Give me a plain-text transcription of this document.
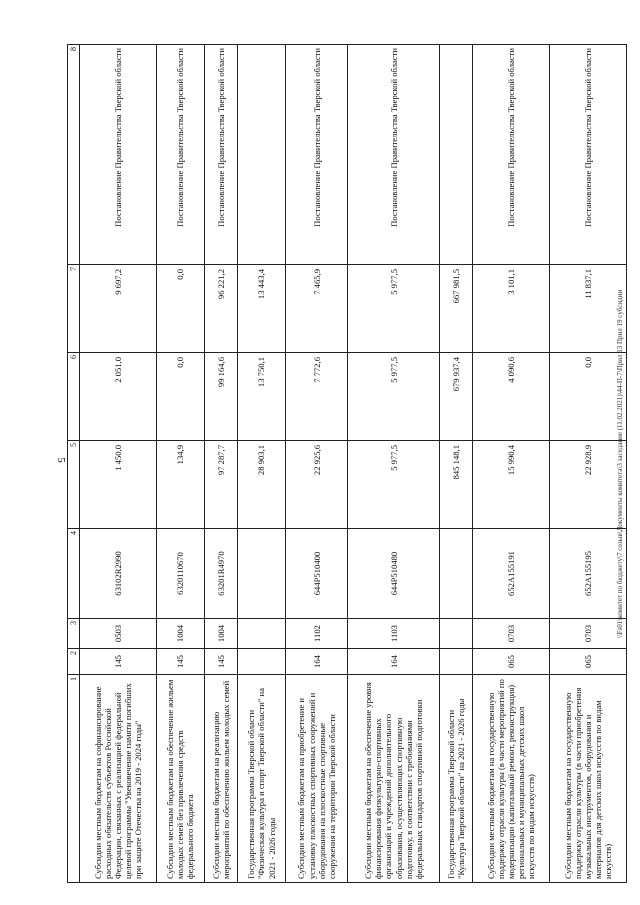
5
1	2	3	4	5	6	7	8
Субсидии местным бюджетам на софинансирование расходных обязательств субъектов Российской Федерации, связанных с реализацией федеральной целевой программы "Увековечение памяти погибших при защите Отечества на 2019 - 2024 годы"	145	0503	63102R2990	1 450,0	2 051,0	9 697,2	Постановление Правительства Тверской области
Субсидии местным бюджетам на обеспечение жильем молодых семей без привлечения средств федерального бюджета	145	1004	6320110670	134,9	0,0	0,0	Постановление Правительства Тверской области
Субсидии местным бюджетам на реализацию мероприятий по обеспечению жильем молодых семей	145	1004	63201R4970	97 287,7	99 164,6	96 221,2	Постановление Правительства Тверской области
Государственная программа Тверской области "Физическая культура и спорт Тверской области" на 2021 - 2026 годы				28 903,1	13 750,1	13 443,4	
Субсидии местным бюджетам на приобретение и установку плоскостных спортивных сооружений и оборудования на плоскостные спортивные сооружения на территории Тверской области	164	1102	644P510400	22 925,6	7 772,6	7 465,9	Постановление Правительства Тверской области
Субсидии местным бюджетам на обеспечение уровня финансирования физкультурно-спортивных организаций и учреждений дополнительного образования, осуществляющих спортивную подготовку, в соответствии с требованиями федеральных стандартов спортивной подготовки	164	1103	644P510480	5 977,5	5 977,5	5 977,5	Постановление Правительства Тверской области
Государственная программа Тверской области "Культура Тверской области" на 2021 - 2026 годы				845 148,1	679 937,4	667 981,5	
Субсидии местным бюджетам на государственную поддержку отрасли культуры (в части мероприятий по модернизации (капитальный ремонт, реконструкция) региональных и муниципальных детских школ искусств по видам искусств)	065	0703	652A155191	15 990,4	4 090,6	3 101,1	Постановление Правительства Тверской области
Субсидии местным бюджетам на государственную поддержку отрасли культуры (в части приобретения музыкальных инструментов, оборудования и материалов для детских школ искусств по видам искусств)	065	0703	652A155195	22 928,9	0,0	11 837,1	Постановление Правительства Тверской области
\\Fs01\комитет по бюджету\7 созыв\Документы комитета\3 заседание (11.02.2021)\44-П-7\Прил 13 Прил 19 субсидии
